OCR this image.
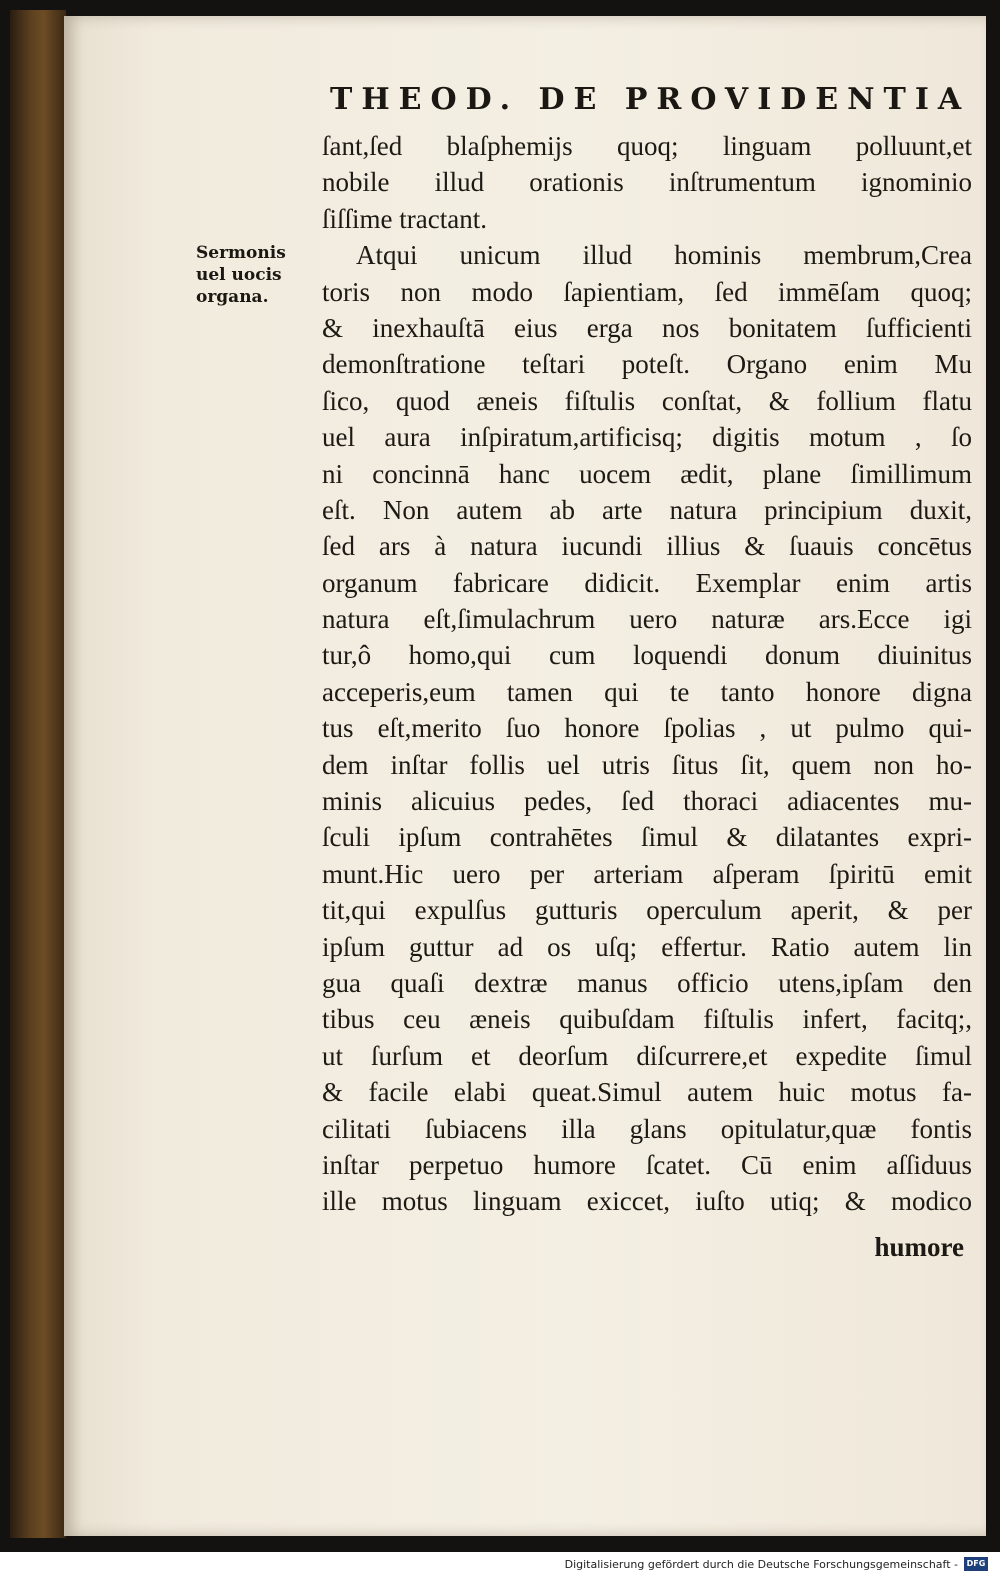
THEOD. DE PROVIDENTIA
Sermonis
uel uocis
organa.
ſant,ſed blaſphemijs quoq; linguam polluunt,et
nobile illud orationis inſtrumentum ignominio
ſiſſime tractant.
Atqui unicum illud hominis membrum,Crea
toris non modo ſapientiam, ſed immēſam quoq;
& inexhauſtā eius erga nos bonitatem ſufficienti
demonſtratione teſtari poteſt. Organo enim Mu
ſico, quod æneis fiſtulis conſtat, & follium flatu
uel aura inſpiratum,artificisq; digitis motum , ſo
ni concinnā hanc uocem ædit, plane ſimillimum
eſt. Non autem ab arte natura principium duxit,
ſed ars à natura iucundi illius & ſuauis concētus
organum fabricare didicit. Exemplar enim artis
natura eſt,ſimulachrum uero naturæ ars.Ecce igi
tur,ô homo,qui cum loquendi donum diuinitus
acceperis,eum tamen qui te tanto honore digna
tus eſt,merito ſuo honore ſpolias , ut pulmo qui-
dem inſtar follis uel utris ſitus ſit, quem non ho-
minis alicuius pedes, ſed thoraci adiacentes mu-
ſculi ipſum contrahētes ſimul & dilatantes expri-
munt.Hic uero per arteriam aſperam ſpiritū emit
tit,qui expulſus gutturis operculum aperit, & per
ipſum guttur ad os uſq; effertur. Ratio autem lin
gua quaſi dextræ manus officio utens,ipſam den
tibus ceu æneis quibuſdam fiſtulis infert, facitq;,
ut ſurſum et deorſum diſcurrere,et expedite ſimul
& facile elabi queat.Simul autem huic motus fa-
cilitati ſubiacens illa glans opitulatur,quæ fontis
inſtar perpetuo humore ſcatet. Cū enim aſſiduus
ille motus linguam exiccet, iuſto utiq; & modico
humore
Digitalisierung gefördert durch die Deutsche Forschungsgemeinschaft -	DFG
